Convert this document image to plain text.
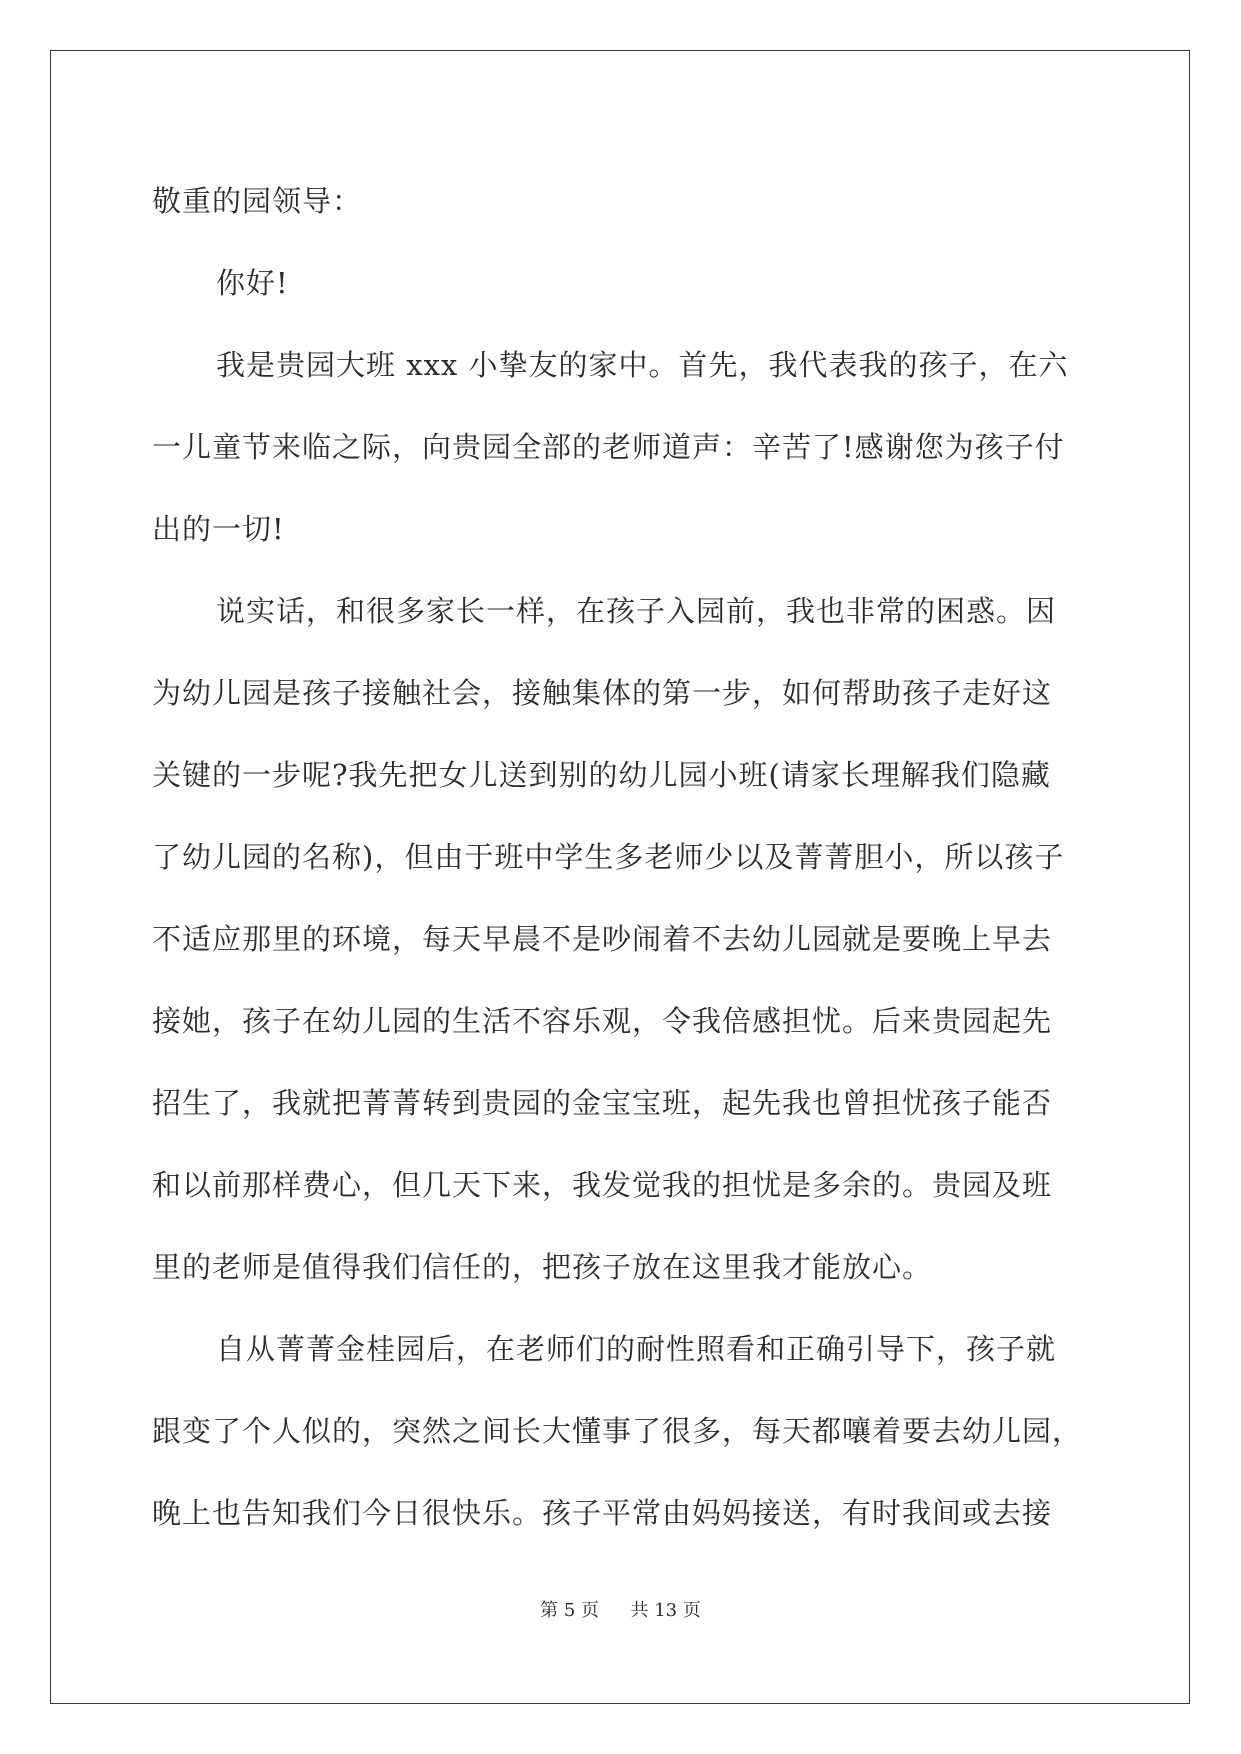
敬重的园领导：
你好!
我是贵园大班 xxx 小挚友的家中。首先，我代表我的孩子，在六
一儿童节来临之际，向贵园全部的老师道声：辛苦了!感谢您为孩子付
出的一切!
说实话，和很多家长一样，在孩子入园前，我也非常的困惑。因
为幼儿园是孩子接触社会，接触集体的第一步，如何帮助孩子走好这
关键的一步呢?我先把女儿送到别的幼儿园小班(请家长理解我们隐藏
了幼儿园的名称)，但由于班中学生多老师少以及菁菁胆小，所以孩子
不适应那里的环境，每天早晨不是吵闹着不去幼儿园就是要晚上早去
接她，孩子在幼儿园的生活不容乐观，令我倍感担忧。后来贵园起先
招生了，我就把菁菁转到贵园的金宝宝班，起先我也曾担忧孩子能否
和以前那样费心，但几天下来，我发觉我的担忧是多余的。贵园及班
里的老师是值得我们信任的，把孩子放在这里我才能放心。
自从菁菁金桂园后，在老师们的耐性照看和正确引导下，孩子就
跟变了个人似的，突然之间长大懂事了很多，每天都嚷着要去幼儿园，
晚上也告知我们今日很快乐。孩子平常由妈妈接送，有时我间或去接
第 5 页 共 13 页
